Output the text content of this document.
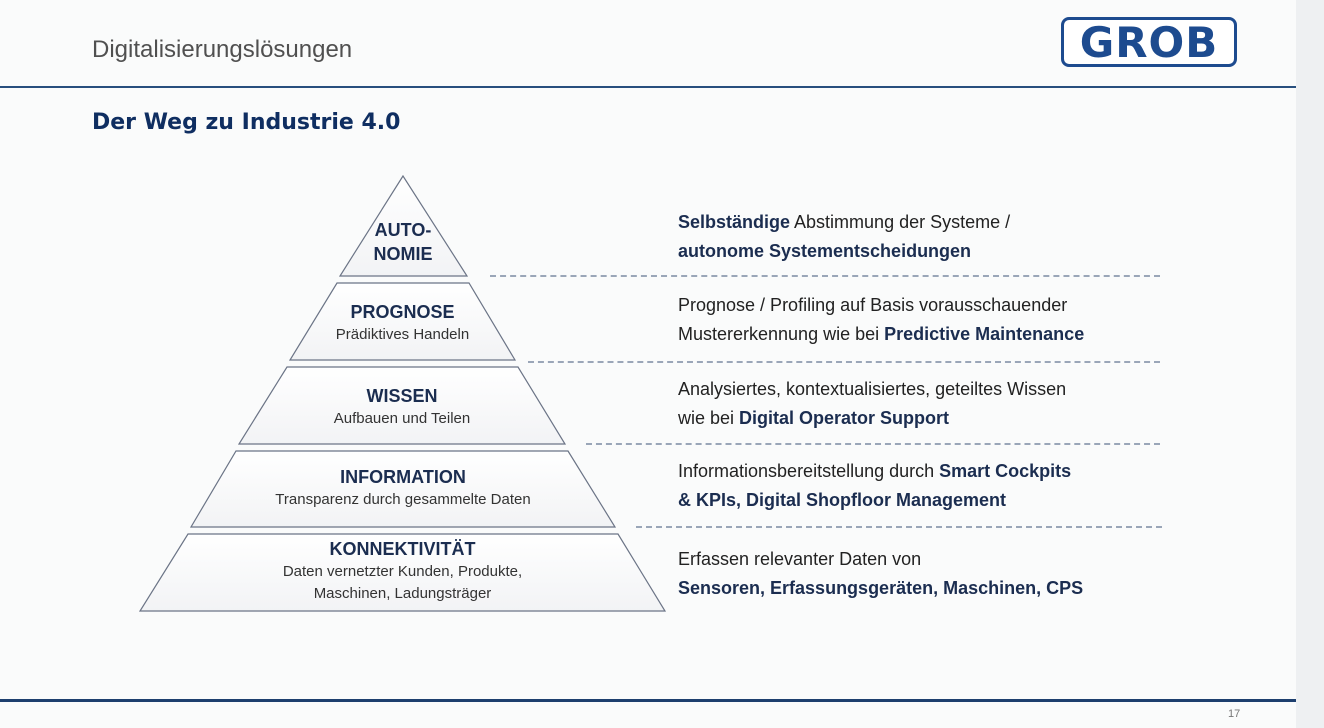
Digitalisierungslösungen	GROB
Der Weg zu Industrie 4.0
AUTO-
NOMIE
PROGNOSE
Prädiktives Handeln
WISSEN
Aufbauen und Teilen
INFORMATION
Transparenz durch gesammelte Daten
KONNEKTIVITÄT
Daten vernetzter Kunden, Produkte,
Maschinen, Ladungsträger
Selbständige Abstimmung der Systeme /
autonome Systementscheidungen
Prognose / Profiling auf Basis vorausschauender
Mustererkennung wie bei Predictive Maintenance
Analysiertes, kontextualisiertes, geteiltes Wissen
wie bei Digital Operator Support
Informationsbereitstellung durch Smart Cockpits
& KPIs, Digital Shopfloor Management
Erfassen relevanter Daten von
Sensoren, Erfassungsgeräten, Maschinen, CPS
17
